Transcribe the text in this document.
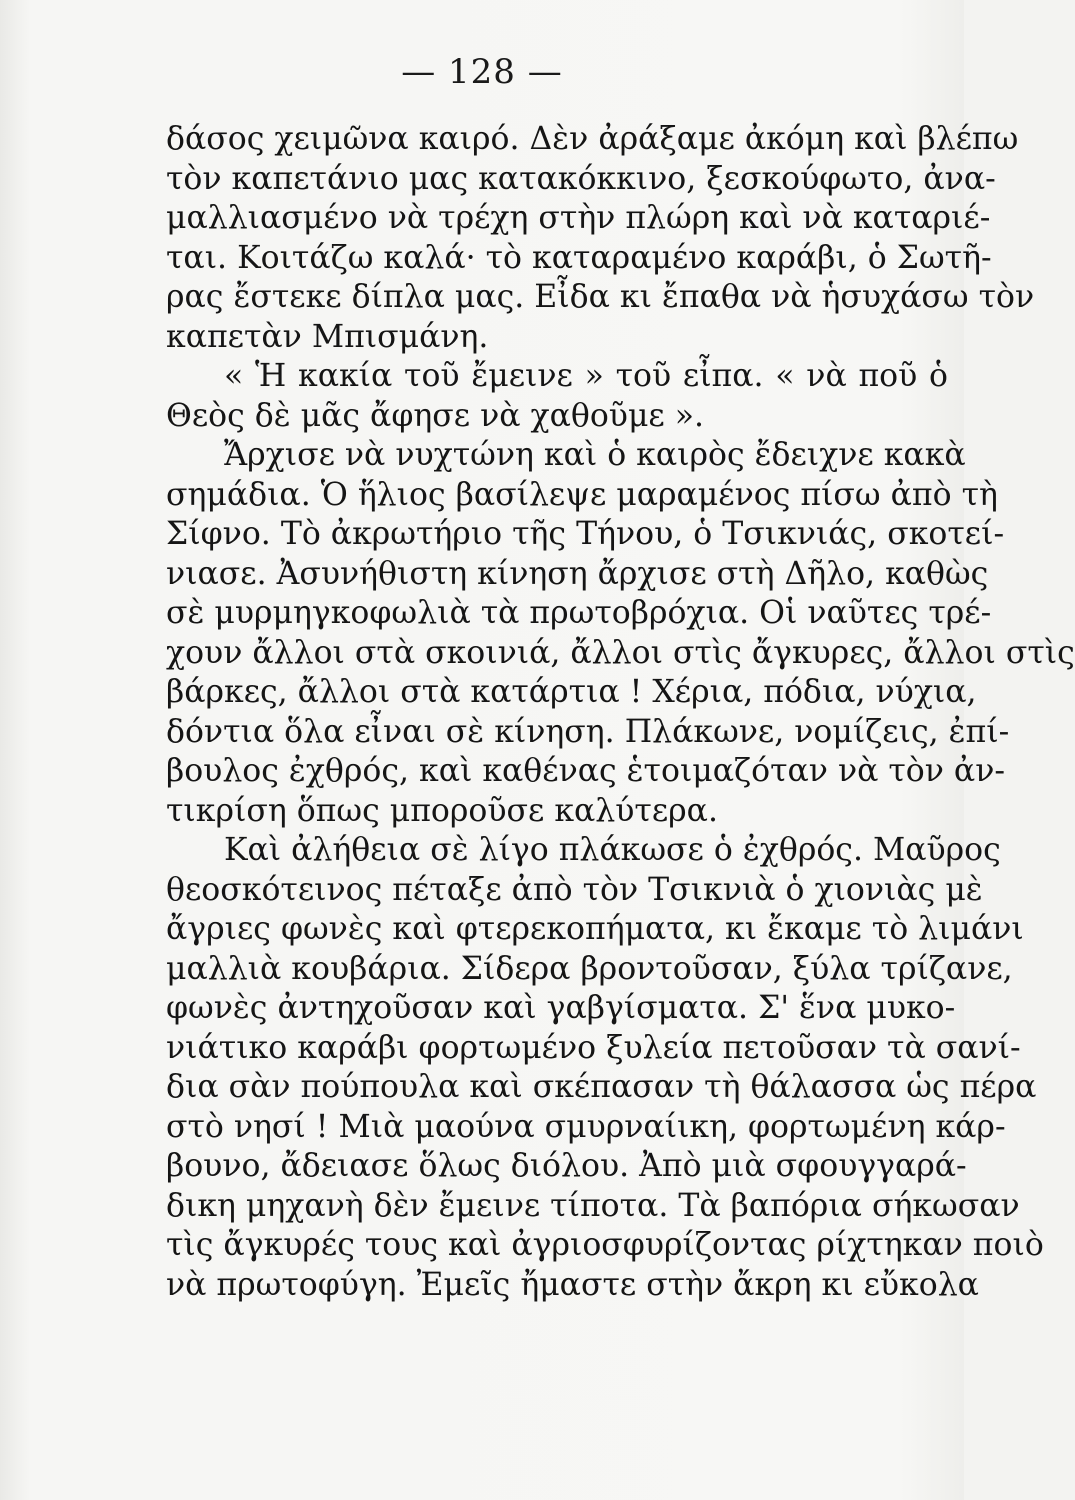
— 128 —
δάσος χειμῶνα καιρό. Δὲν ἀράξαμε ἀκόμη καὶ βλέπω
τὸν καπετάνιο μας κατακόκκινο, ξεσκούφωτο, ἀνα-
μαλλιασμένο νὰ τρέχη στὴν πλώρη καὶ νὰ καταριέ-
ται. Κοιτάζω καλά· τὸ καταραμένο καράβι, ὁ Σωτῆ-
ρας ἔστεκε δίπλα μας. Εἶδα κι ἔπαθα νὰ ἡσυχάσω τὸν
καπετὰν Μπισμάνη.
« Ἡ κακία τοῦ ἔμεινε » τοῦ εἶπα. « νὰ ποῦ ὁ
Θεὸς δὲ μᾶς ἄφησε νὰ χαθοῦμε ».
Ἄρχισε νὰ νυχτώνη καὶ ὁ καιρὸς ἔδειχνε κακὰ
σημάδια. Ὁ ἥλιος βασίλεψε μαραμένος πίσω ἀπὸ τὴ
Σίφνο. Τὸ ἀκρωτήριο τῆς Τήνου, ὁ Τσικνιάς, σκοτεί-
νιασε. Ἀσυνήθιστη κίνηση ἄρχισε στὴ Δῆλο, καθὼς
σὲ μυρμηγκοφωλιὰ τὰ πρωτοβρόχια. Οἱ ναῦτες τρέ-
χουν ἄλλοι στὰ σκοινιά, ἄλλοι στὶς ἄγκυρες, ἄλλοι στὶς
βάρκες, ἄλλοι στὰ κατάρτια ! Χέρια, πόδια, νύχια,
δόντια ὅλα εἶναι σὲ κίνηση. Πλάκωνε, νομίζεις, ἐπί-
βουλος ἐχθρός, καὶ καθένας ἑτοιμαζόταν νὰ τὸν ἀν-
τικρίση ὅπως μποροῦσε καλύτερα.
Καὶ ἀλήθεια σὲ λίγο πλάκωσε ὁ ἐχθρός. Μαῦρος
θεοσκότεινος πέταξε ἀπὸ τὸν Τσικνιὰ ὁ χιονιὰς μὲ
ἄγριες φωνὲς καὶ φτερεκοπήματα, κι ἔκαμε τὸ λιμάνι
μαλλιὰ κουβάρια. Σίδερα βροντοῦσαν, ξύλα τρίζανε,
φωνὲς ἀντηχοῦσαν καὶ γαβγίσματα. Σ' ἕνα μυκο-
νιάτικο καράβι φορτωμένο ξυλεία πετοῦσαν τὰ σανί-
δια σὰν πούπουλα καὶ σκέπασαν τὴ θάλασσα ὡς πέρα
στὸ νησί ! Μιὰ μαούνα σμυρναίικη, φορτωμένη κάρ-
βουνο, ἄδειασε ὅλως διόλου. Ἀπὸ μιὰ σφουγγαρά-
δικη μηχανὴ δὲν ἔμεινε τίποτα. Τὰ βαπόρια σήκωσαν
τὶς ἄγκυρές τους καὶ ἀγριοσφυρίζοντας ρίχτηκαν ποιὸ
νὰ πρωτοφύγη. Ἐμεῖς ἤμαστε στὴν ἄκρη κι εὔκολα
